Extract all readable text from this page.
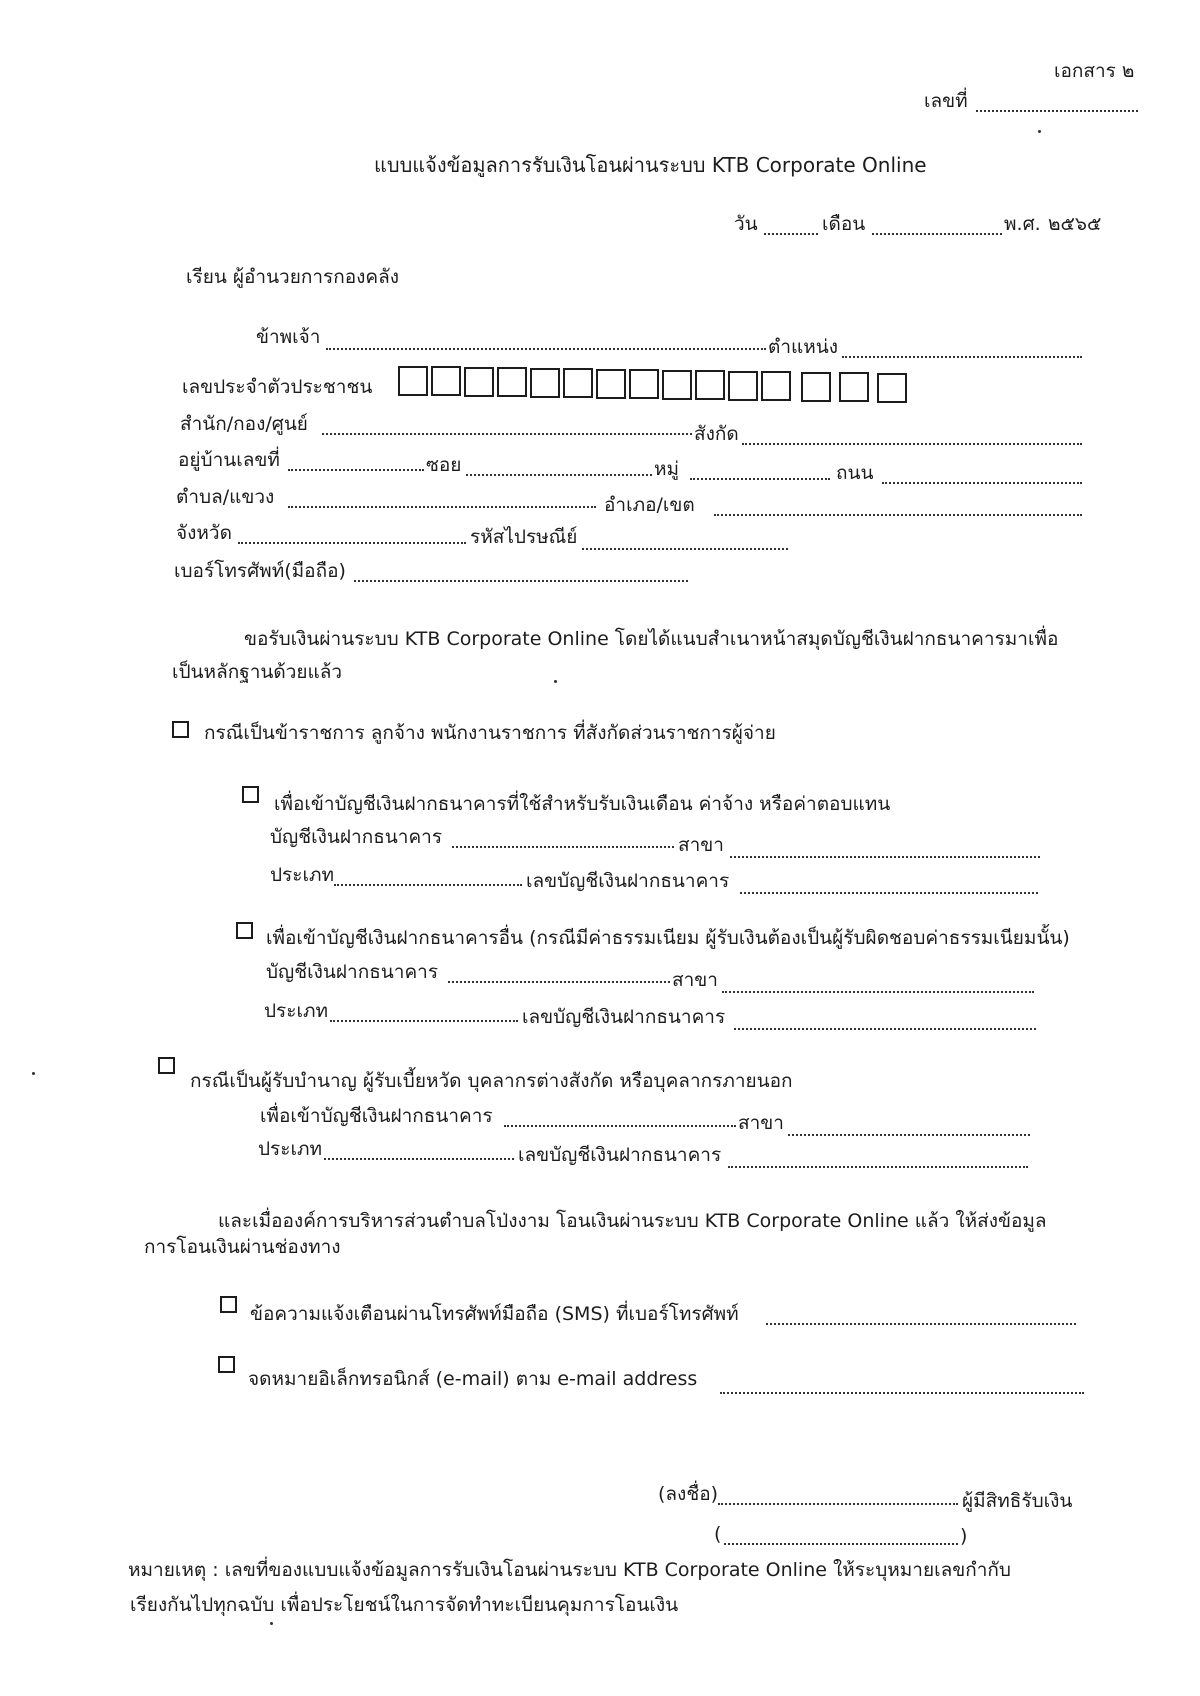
เอกสาร ๒
เลขที่
แบบแจ้งข้อมูลการรับเงินโอนผ่านระบบ KTB Corporate Online
วัน	เดือน	พ.ศ. ๒๕๖๕
เรียน ผู้อำนวยการกองคลัง
ข้าพเจ้า	ตำแหน่ง
เลขประจำตัวประชาชน
สำนัก/กอง/ศูนย์	สังกัด
อยู่บ้านเลขที่	ซอย	หมู่	ถนน
ตำบล/แขวง	อำเภอ/เขต
จังหวัด	รหัสไปรษณีย์
เบอร์โทรศัพท์(มือถือ)
ขอรับเงินผ่านระบบ KTB Corporate Online โดยได้แนบสำเนาหน้าสมุดบัญชีเงินฝากธนาคารมาเพื่อ
เป็นหลักฐานด้วยแล้ว
กรณีเป็นข้าราชการ ลูกจ้าง พนักงานราชการ ที่สังกัดส่วนราชการผู้จ่าย
เพื่อเข้าบัญชีเงินฝากธนาคารที่ใช้สำหรับรับเงินเดือน ค่าจ้าง หรือค่าตอบแทน
บัญชีเงินฝากธนาคาร	สาขา
ประเภท	เลขบัญชีเงินฝากธนาคาร
เพื่อเข้าบัญชีเงินฝากธนาคารอื่น (กรณีมีค่าธรรมเนียม ผู้รับเงินต้องเป็นผู้รับผิดชอบค่าธรรมเนียมนั้น)
บัญชีเงินฝากธนาคาร	สาขา
ประเภท	เลขบัญชีเงินฝากธนาคาร
กรณีเป็นผู้รับบำนาญ ผู้รับเบี้ยหวัด บุคลากรต่างสังกัด หรือบุคลากรภายนอก
เพื่อเข้าบัญชีเงินฝากธนาคาร	สาขา
ประเภท	เลขบัญชีเงินฝากธนาคาร
และเมื่อองค์การบริหารส่วนตำบลโป่งงาม โอนเงินผ่านระบบ KTB Corporate Online แล้ว ให้ส่งข้อมูล
การโอนเงินผ่านช่องทาง
ข้อความแจ้งเตือนผ่านโทรศัพท์มือถือ (SMS) ที่เบอร์โทรศัพท์
จดหมายอิเล็กทรอนิกส์ (e-mail) ตาม e-mail address
(ลงชื่อ)	ผู้มีสิทธิรับเงิน
(	)
หมายเหตุ : เลขที่ของแบบแจ้งข้อมูลการรับเงินโอนผ่านระบบ KTB Corporate Online ให้ระบุหมายเลขกำกับ
เรียงกันไปทุกฉบับ เพื่อประโยชน์ในการจัดทำทะเบียนคุมการโอนเงิน
